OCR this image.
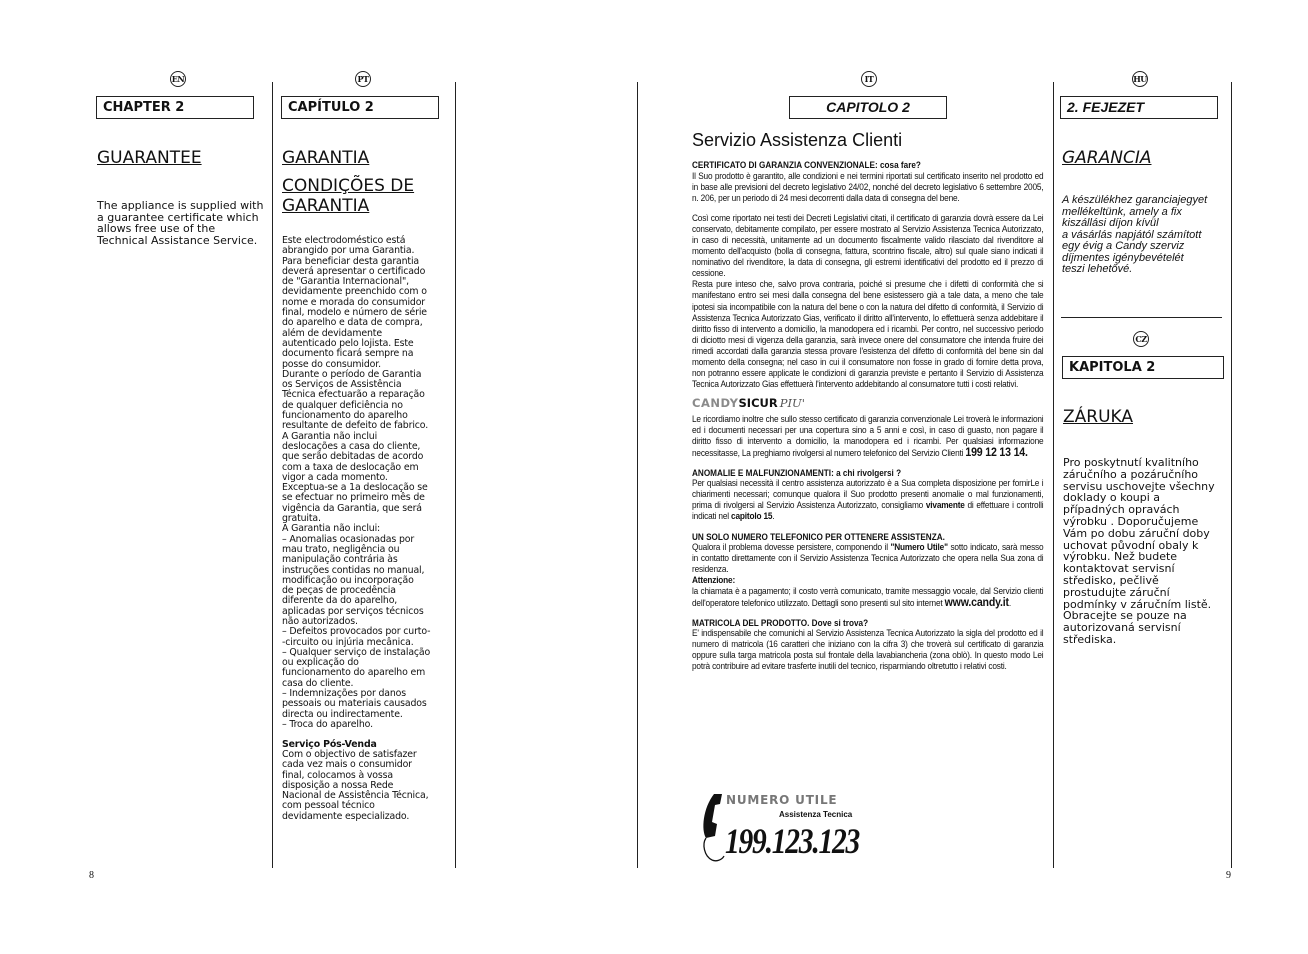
EN
CHAPTER 2
GUARANTEE
The appliance is supplied with a guarantee certificate which allows free use of the Technical Assistance Service.
PT
CAPÍTULO 2
GARANTIA
CONDIÇÕES DE GARANTIA
Este electrodoméstico está
abrangido por uma Garantia.
Para beneficiar desta garantia
deverá apresentar o certificado
de "Garantia Internacional",
devidamente preenchido com o
nome e morada do consumidor
final, modelo e número de série
do aparelho e data de compra,
além de devidamente
autenticado pelo lojista. Este
documento ficará sempre na
posse do consumidor.
Durante o período de Garantia
os Serviços de Assistência
Técnica efectuarão a reparação
de qualquer deficiência no
funcionamento do aparelho
resultante de defeito de fabrico.
A Garantia não inclui
deslocações a casa do cliente,
que serão debitadas de acordo
com a taxa de deslocação em
vigor a cada momento.
Exceptua-se a 1a deslocação se
se efectuar no primeiro mês de
vigência da Garantia, que será
gratuita.
A Garantia não inclui:
– Anomalias ocasionadas por
mau trato, negligência ou
manipulação contrária às
instruções contidas no manual,
modificação ou incorporação
de peças de procedência
diferente da do aparelho,
aplicadas por serviços técnicos
não autorizados.
– Defeitos provocados por curto-
-circuito ou injúria mecânica.
– Qualquer serviço de instalação
ou explicação do
funcionamento do aparelho em
casa do cliente.
– Indemnizações por danos
pessoais ou materiais causados
directa ou indirectamente.
– Troca do aparelho.
Serviço Pós-Venda
Com o objectivo de satisfazer
cada vez mais o consumidor
final, colocamos à vossa
disposição a nossa Rede
Nacional de Assistência Técnica,
com pessoal técnico
devidamente especializado.
8
IT
CAPITOLO 2
Servizio Assistenza Clienti
CERTIFICATO DI GARANZIA CONVENZIONALE: cosa fare?
Il Suo prodotto è garantito, alle condizioni e nei termini riportati sul certificato inserito nel prodotto ed in base alle previsioni del decreto legislativo 24/02, nonché del decreto legislativo 6 settembre 2005, n. 206, per un periodo di 24 mesi decorrenti dalla data di consegna del bene.
Così come riportato nei testi dei Decreti Legislativi citati, il certificato di garanzia dovrà essere da Lei conservato, debitamente compilato, per essere mostrato al Servizio Assistenza Tecnica Autorizzato, in caso di necessità, unitamente ad un documento fiscalmente valido rilasciato dal rivenditore al momento dell'acquisto (bolla di consegna, fattura, scontrino fiscale, altro) sul quale siano indicati il nominativo del rivenditore, la data di consegna, gli estremi identificativi del prodotto ed il prezzo di cessione.
Resta pure inteso che, salvo prova contraria, poiché si presume che i difetti di conformità che si manifestano entro sei mesi dalla consegna del bene esistessero già a tale data, a meno che tale ipotesi sia incompatibile con la natura del bene o con la natura del difetto di conformità, il Servizio di Assistenza Tecnica Autorizzato Gias, verificato il diritto all'intervento, lo effettuerà senza addebitare il diritto fisso di intervento a domicilio, la manodopera ed i ricambi. Per contro, nel successivo periodo di diciotto mesi di vigenza della garanzia, sarà invece onere del consumatore che intenda fruire dei rimedi accordati dalla garanzia stessa provare l'esistenza del difetto di conformità del bene sin dal momento della consegna; nel caso in cui il consumatore non fosse in grado di fornire detta prova, non potranno essere applicate le condizioni di garanzia previste e pertanto il Servizio di Assistenza Tecnica Autorizzato Gias effettuerà l'intervento addebitando al consumatore tutti i costi relativi.
CANDY SICUR PIU'
Le ricordiamo inoltre che sullo stesso certificato di garanzia convenzionale Lei troverà le informazioni ed i documenti necessari per una copertura sino a 5 anni e così, in caso di guasto, non pagare il diritto fisso di intervento a domicilio, la manodopera ed i ricambi. Per qualsiasi informazione necessitasse, La preghiamo rivolgersi al numero telefonico del Servizio Clienti 199 12 13 14.
ANOMALIE E MALFUNZIONAMENTI: a chi rivolgersi ?
Per qualsiasi necessità il centro assistenza autorizzato è a Sua completa disposizione per fornirLe i chiarimenti necessari; comunque qualora il Suo prodotto presenti anomalie o mal funzionamenti, prima di rivolgersi al Servizio Assistenza Autorizzato, consigliamo vivamente di effettuare i controlli indicati nel capitolo 15.
UN SOLO NUMERO TELEFONICO PER OTTENERE ASSISTENZA.
Qualora il problema dovesse persistere, componendo il "Numero Utile" sotto indicato, sarà messo in contatto direttamente con il Servizio Assistenza Tecnica Autorizzato che opera nella Sua zona di residenza.
Attenzione:
la chiamata è a pagamento; il costo verrà comunicato, tramite messaggio vocale, dal Servizio clienti dell'operatore telefonico utilizzato. Dettagli sono presenti sul sito internet www.candy.it.
MATRICOLA DEL PRODOTTO. Dove si trova?
E' indispensabile che comunichi al Servizio Assistenza Tecnica Autorizzato la sigla del prodotto ed il numero di matricola (16 caratteri che iniziano con la cifra 3) che troverà sul certificato di garanzia oppure sulla targa matricola posta sul frontale della lavabiancheria (zona oblò). In questo modo Lei potrà contribuire ad evitare trasferte inutili del tecnico, risparmiando oltretutto i relativi costi.
NUMERO UTILE
Assistenza Tecnica
199.123.123
HU
2. FEJEZET
GARANCIA
A készülékhez garanciajegyet
mellékeltünk, amely a fix
kiszállási díjon kívül
a vásárlás napjától számított
egy évig a Candy szerviz
díjmentes igénybevételét
teszi lehetővé.
CZ
KAPITOLA 2
ZÁRUKA
Pro poskytnutí kvalitního záručního a pozáručního servisu uschovejte všechny doklady o koupi a případných opravách výrobku . Doporučujeme Vám po dobu záruční doby uchovat původní obaly k výrobku. Než budete kontaktovat servisní středisko, pečlivě prostudujte záruční podmínky v záručním listě. Obracejte se pouze na autorizovaná servisní střediska.
9
